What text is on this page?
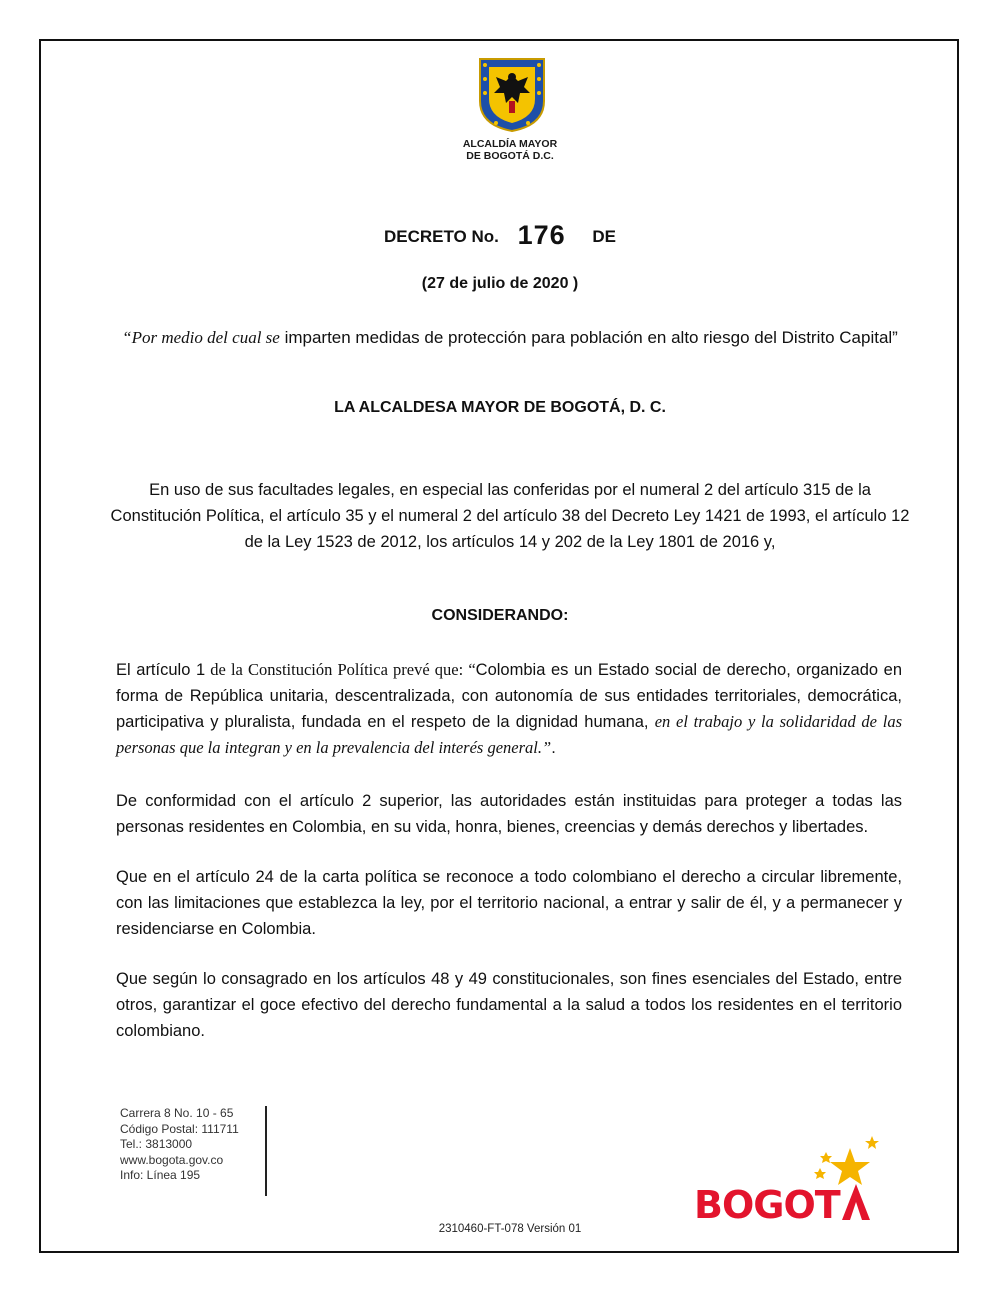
ALCALDÍA MAYOR
DE BOGOTÁ D.C.
DECRETO No. 176 DE
(27 de julio de 2020 )
“Por medio del cual se imparten medidas de protección para población en alto riesgo del Distrito Capital”
LA ALCALDESA MAYOR DE BOGOTÁ, D. C.
En uso de sus facultades legales, en especial las conferidas por el numeral 2 del artículo 315 de la Constitución Política, el artículo 35 y el numeral 2 del artículo 38 del Decreto Ley 1421 de 1993, el artículo 12 de la Ley 1523 de 2012, los artículos 14 y 202 de la Ley 1801 de 2016 y,
CONSIDERANDO:
El artículo 1 de la Constitución Política prevé que: “Colombia es un Estado social de derecho, organizado en forma de República unitaria, descentralizada, con autonomía de sus entidades territoriales, democrática, participativa y pluralista, fundada en el respeto de la dignidad humana, en el trabajo y la solidaridad de las personas que la integran y en la prevalencia del interés general.”.
De conformidad con el artículo 2 superior, las autoridades están instituidas para proteger a todas las personas residentes en Colombia, en su vida, honra, bienes, creencias y demás derechos y libertades.
Que en el artículo 24 de la carta política se reconoce a todo colombiano el derecho a circular libremente, con las limitaciones que establezca la ley, por el territorio nacional, a entrar y salir de él, y a permanecer y residenciarse en Colombia.
Que según lo consagrado en los artículos 48 y 49 constitucionales, son fines esenciales del Estado, entre otros, garantizar el goce efectivo del derecho fundamental a la salud a todos los residentes en el territorio colombiano.
Carrera 8 No. 10 - 65
Código Postal: 111711
Tel.: 3813000
www.bogota.gov.co
Info: Línea 195
BOGOT
2310460-FT-078 Versión 01
